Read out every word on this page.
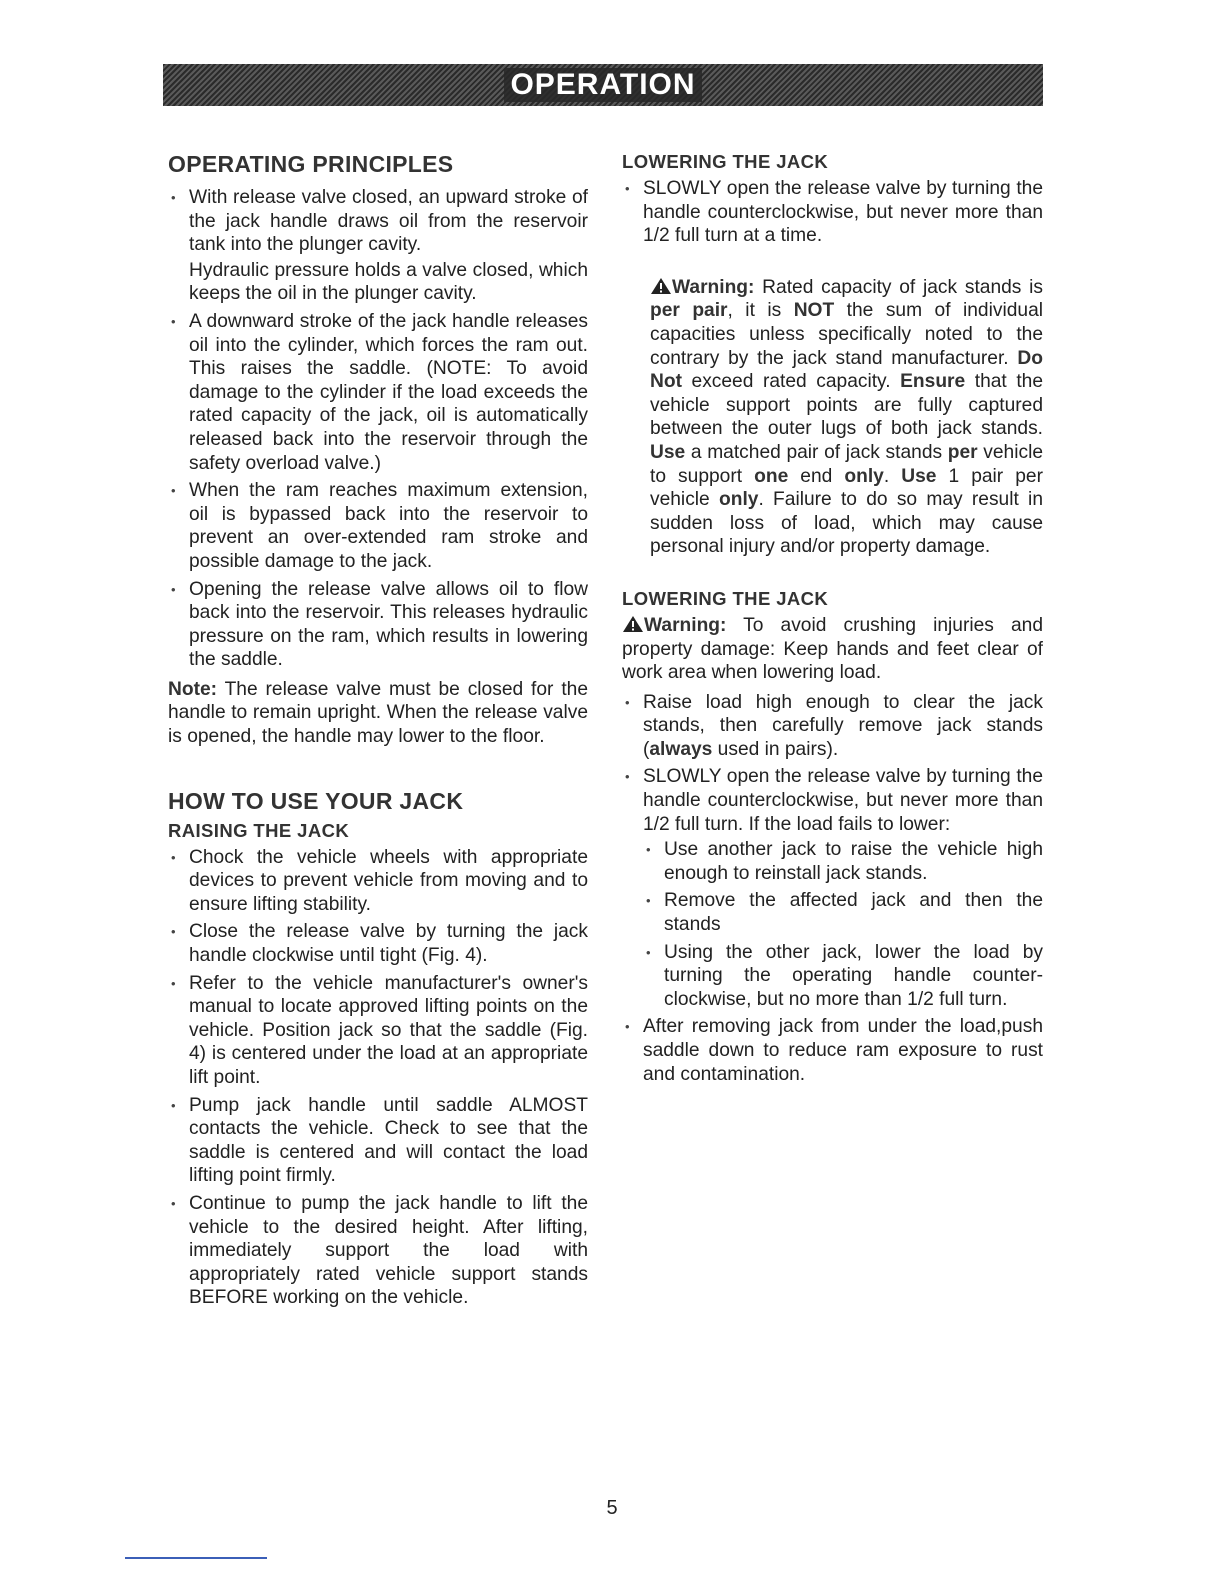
OPERATION
OPERATING PRINCIPLES
• With release valve closed, an upward stroke of the jack handle draws oil from the reservoir tank into the plunger cavity.

Hydraulic pressure holds a valve closed, which keeps the oil in the plunger cavity.

• A downward stroke of the jack handle releases oil into the cylinder, which forces the ram out. This raises the saddle. (NOTE: To avoid damage to the cylinder if the load exceeds the rated capacity of the jack, oil is automatically released back into the reservoir through the safety overload valve.)
• When the ram reaches maximum extension, oil is bypassed back into the reservoir to prevent an over-extended ram stroke and possible damage to the jack.
• Opening the release valve allows oil to flow back into the reservoir. This releases hydraulic pressure on the ram, which results in lowering the saddle.

Note: The release valve must be closed for the handle to remain upright. When the release valve is opened, the handle may lower to the floor.

HOW TO USE YOUR JACK
RAISING THE JACK
• Chock the vehicle wheels with appropriate devices to prevent vehicle from moving and to ensure lifting stability.
• Close the release valve by turning the jack handle clockwise until tight (Fig. 4).
• Refer to the vehicle manufacturer's owner's manual to locate approved lifting points on the vehicle. Position jack so that the saddle (Fig. 4) is centered under the load at an appropriate lift point.
• Pump jack handle until saddle ALMOST contacts the vehicle. Check to see that the saddle is centered and will contact the load lifting point firmly.
• Continue to pump the jack handle to lift the vehicle to the desired height. After lifting, immediately support the load with appropriately rated vehicle support stands BEFORE working on the vehicle.
LOWERING THE JACK
• SLOWLY open the release valve by turning the handle counterclockwise, but never more than 1/2 full turn at a time.

Warning: Rated capacity of jack stands is per pair, it is NOT the sum of individual capacities unless specifically noted to the contrary by the jack stand manufacturer. Do Not exceed rated capacity. Ensure that the vehicle support points are fully captured between the outer lugs of both jack stands. Use a matched pair of jack stands per vehicle to support one end only. Use 1 pair per vehicle only. Failure to do so may result in sudden loss of load, which may cause personal injury and/or property damage.

LOWERING THE JACK

Warning: To avoid crushing injuries and property damage: Keep hands and feet clear of work area when lowering load.

• Raise load high enough to clear the jack stands, then carefully remove jack stands (always used in pairs).
• SLOWLY open the release valve by turning the handle counterclockwise, but never more than 1/2 full turn. If the load fails to lower:
• Use another jack to raise the vehicle high enough to reinstall jack stands.
• Remove the affected jack and then the stands
• Using the other jack, lower the load by turning the operating handle counter-clockwise, but no more than 1/2 full turn.
• After removing jack from under the load,push saddle down to reduce ram exposure to rust and contamination.
5
